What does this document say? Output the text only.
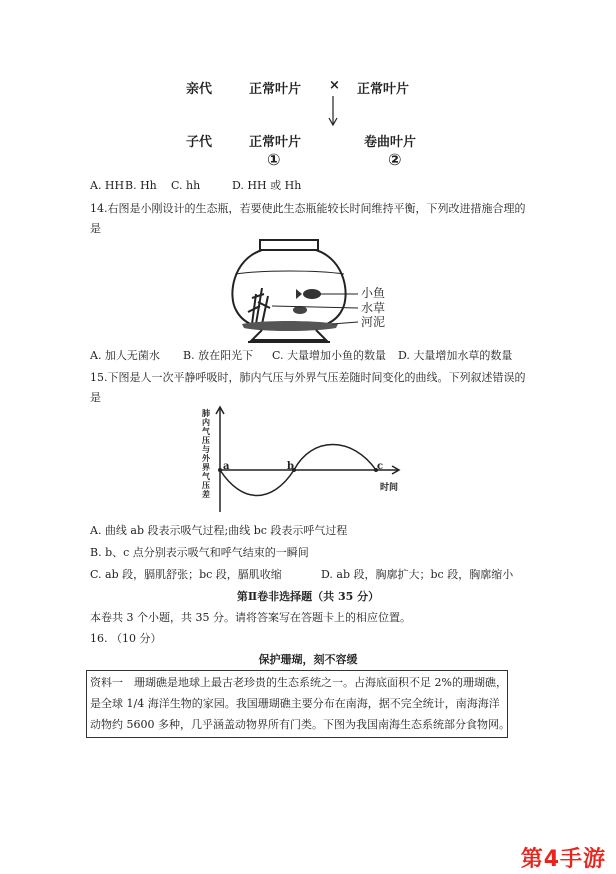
亲代	正常叶片 × 正常叶片
子代	正常叶片	卷曲叶片
①	②
A. HH B. Hh C. hh	D. HH 或 Hh
14.右图是小刚设计的生态瓶，若要使此生态瓶能较长时间维持平衡，下列改进措施合理的
是
小鱼
水草
河泥
A. 加人无菌水 B. 放在阳光下 C. 大量增加小鱼的数量 D. 大量增加水草的数量
15.下图是人一次平静呼吸时，肺内气压与外界气压差随时间变化的曲线。下列叙述错误的
是
肺
内
气
压
与
外
界
气
压
差
a	b	c
时间
A. 曲线 ab 段表示吸气过程;曲线 bc 段表示呼气过程
B. b、c 点分别表示吸气和呼气结束的一瞬间
C. ab 段，膈肌舒张；bc 段，膈肌收缩	D. ab 段，胸廓扩大；bc 段，胸廓缩小
第Ⅱ卷非选择题（共 35 分）
本卷共 3 个小题，共 35 分。请将答案写在答题卡上的相应位置。
16. （10 分）
保护珊瑚，刻不容缓
资料一　珊瑚礁是地球上最古老珍贵的生态系统之一。占海底面积不足 2%的珊瑚礁，
是全球 1/4 海洋生物的家园。我国珊瑚礁主要分布在南海，据不完全统计，南海海洋
动物约 5600 多种，几乎涵盖动物界所有门类。下图为我国南海生态系统部分食物网。
第4手游
